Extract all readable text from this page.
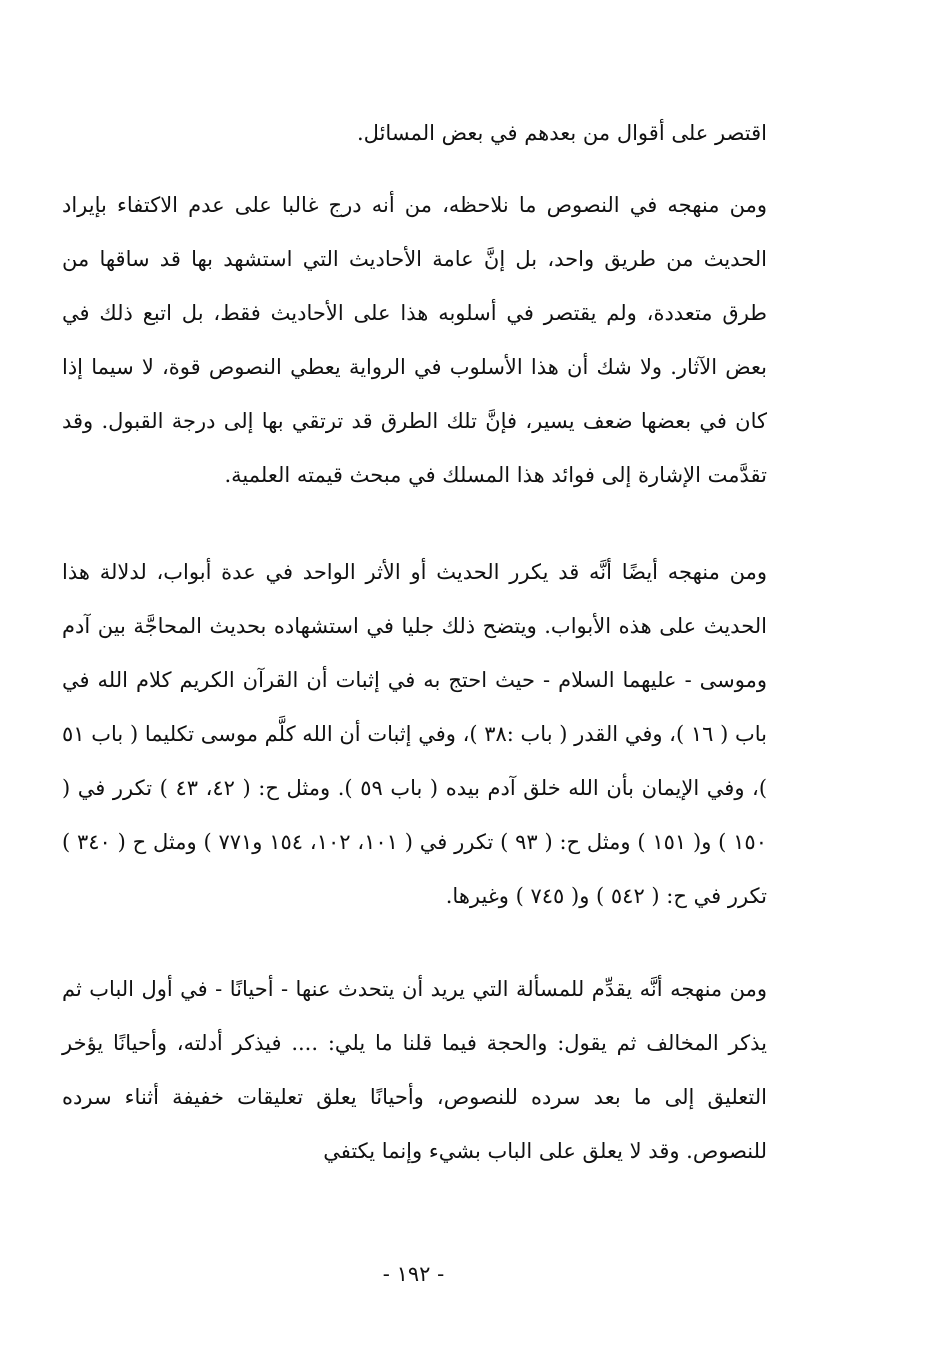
اقتصر على أقوال من بعدهم في بعض المسائل.

ومن منهجه في النصوص ما نلاحظه، من أنه درج غالبا على عدم الاكتفاء بإيراد الحديث من طريق واحد، بل إنَّ عامة الأحاديث التي استشهد بها قد ساقها من طرق متعددة، ولم يقتصر في أسلوبه هذا على الأحاديث فقط، بل اتبع ذلك في بعض الآثار. ولا شك أن هذا الأسلوب في الرواية يعطي النصوص قوة، لا سيما إذا كان في بعضها ضعف يسير، فإنَّ تلك الطرق قد ترتقي بها إلى درجة القبول. وقد تقدَّمت الإشارة إلى فوائد هذا المسلك في مبحث قيمته العلمية.

ومن منهجه أيضًا أنَّه قد يكرر الحديث أو الأثر الواحد في عدة أبواب، لدلالة هذا الحديث على هذه الأبواب. ويتضح ذلك جليا في استشهاده بحديث المحاجَّة بين آدم وموسى - عليهما السلام - حيث احتج به في إثبات أن القرآن الكريم كلام الله في باب ( ١٦ )، وفي القدر ( باب :٣٨ )، وفي إثبات أن الله كلَّم موسى تكليما ( باب ٥١ )، وفي الإيمان بأن الله خلق آدم بيده ( باب ٥٩ ). ومثل ح: ( ٤٢، ٤٣ ) تكرر في ( ١٥٠ ) و( ١٥١ ) ومثل ح: ( ٩٣ ) تكرر في ( ١٠١، ١٠٢، ١٥٤ و٧٧١ ) ومثل ح ( ٣٤٠ ) تكرر في ح: ( ٥٤٢ ) و( ٧٤٥ ) وغيرها.

ومن منهجه أنَّه يقدِّم للمسألة التي يريد أن يتحدث عنها - أحيانًا - في أول الباب ثم يذكر المخالف ثم يقول: والحجة فيما قلنا ما يلي: .... فيذكر أدلته، وأحيانًا يؤخر التعليق إلى ما بعد سرده للنصوص، وأحيانًا يعلق تعليقات خفيفة أثناء سرده للنصوص. وقد لا يعلق على الباب بشيء وإنما يكتفي

- ١٩٢ -
